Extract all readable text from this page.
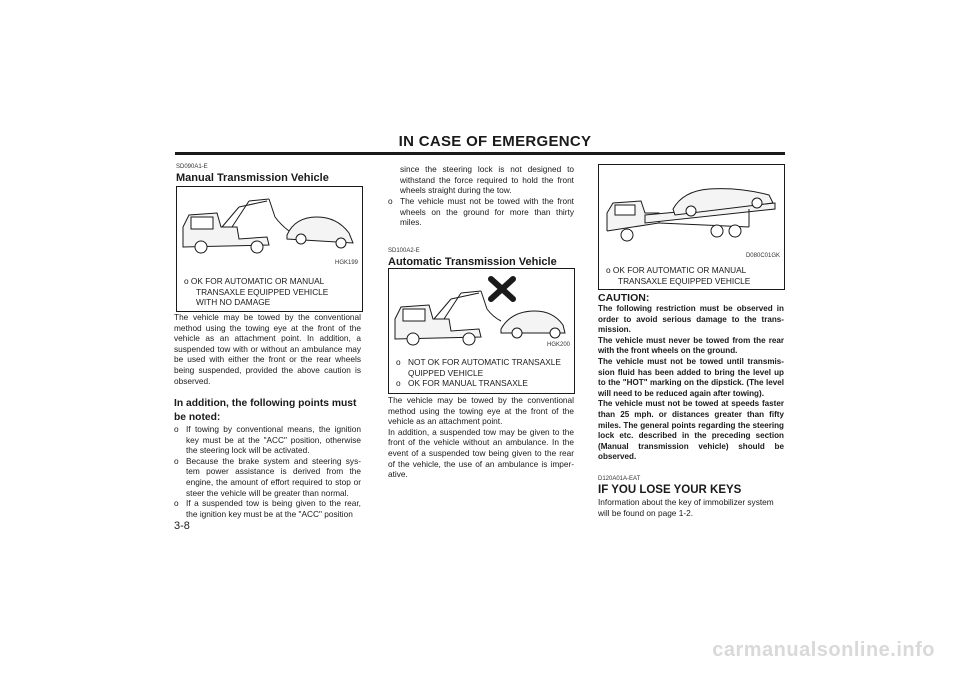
IN CASE OF EMERGENCY
SD090A1-E
Manual Transmission Vehicle
HGK199
o OK FOR AUTOMATIC OR MANUAL
TRANSAXLE EQUIPPED VEHICLE
WITH NO DAMAGE
The vehicle may be towed by the conventional method using the towing eye at the front of the vehicle as an attachment point. In addition, a suspended tow with or without an ambulance may be used with either the front or the rear wheels being suspended, provided the above caution is observed.
In addition, the following points must be noted:
o If towing by conventional means, the ignition key must be at the "ACC" position, otherwise the steering lock will be activated.
o Because the brake system and steering sys- tem power assistance is derived from the engine, the amount of effort required to stop or steer the vehicle will be greater than normal.
o If a suspended tow is being given to the rear, the ignition key must be at the "ACC" position
3-8
since the steering lock is not designed to withstand the force required to hold the front wheels straight during the tow.
o The vehicle must not be towed with the front wheels on the ground for more than thirty miles.
SD100A2-E
Automatic Transmission Vehicle
HGK200
o NOT OK FOR AUTOMATIC TRANSAXLE
QUIPPED VEHICLE
o OK FOR MANUAL TRANSAXLE
The vehicle may be towed by the conventional method using the towing eye at the front of the vehicle as an attachment point.
In addition, a suspended tow may be given to the front of the vehicle without an ambulance. In the event of a suspended tow being given to the rear of the vehicle, the use of an ambulance is imper- ative.
D080C01GK
o OK FOR AUTOMATIC OR MANUAL
TRANSAXLE EQUIPPED VEHICLE
CAUTION:
The following restriction must be observed in order to avoid serious damage to the trans- mission.
The vehicle must never be towed from the rear with the front wheels on the ground.
The vehicle must not be towed until transmis- sion fluid has been added to bring the level up to the "HOT" marking on the dipstick. (The level will need to be reduced again after towing).
The vehicle must not be towed at speeds faster than 25 mph. or distances greater than fifty miles. The general points regarding the steering lock etc. described in the preceding section (Manual transmission vehicle) should be observed.
D120A01A-EAT
IF YOU LOSE YOUR KEYS
Information about the key of immobilizer system will be found on page 1-2.
carmanualsonline.info
